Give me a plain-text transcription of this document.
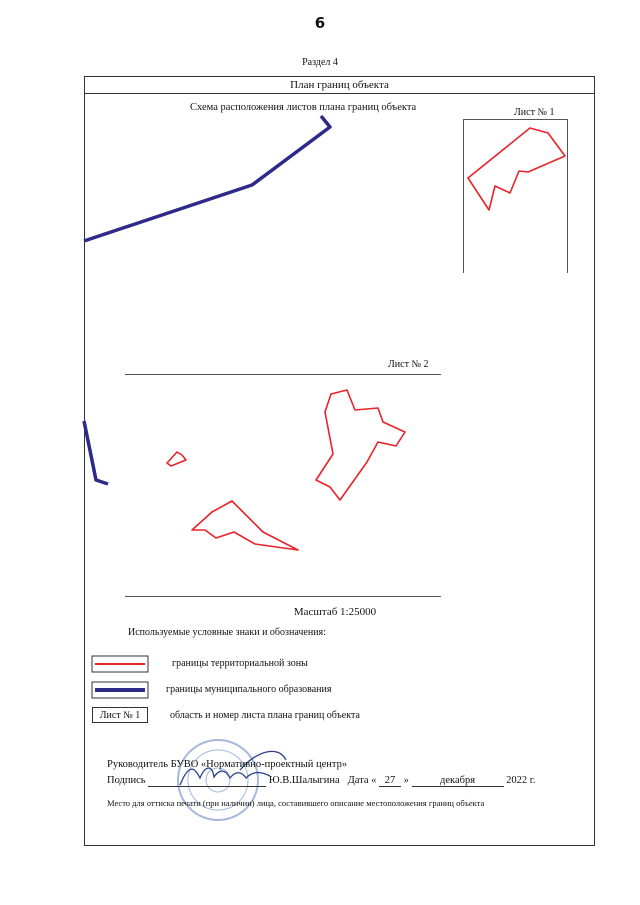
6
Раздел 4
План границ объекта
Схема расположения листов плана границ объекта	Лист № 1
Лист № 2
Масштаб 1:25000
Используемые условные знаки и обозначения:
границы территориальной зоны
границы муниципального образования
Лист № 1	область и номер листа плана границ объекта
Руководитель БУВО «Нормативно-проектный центр»
Подпись	Ю.В.Шалыгина Дата « 27 »	декабря	2022 г.
Место для оттиска печати (при наличии) лица, составившего описание местоположения границ объекта
